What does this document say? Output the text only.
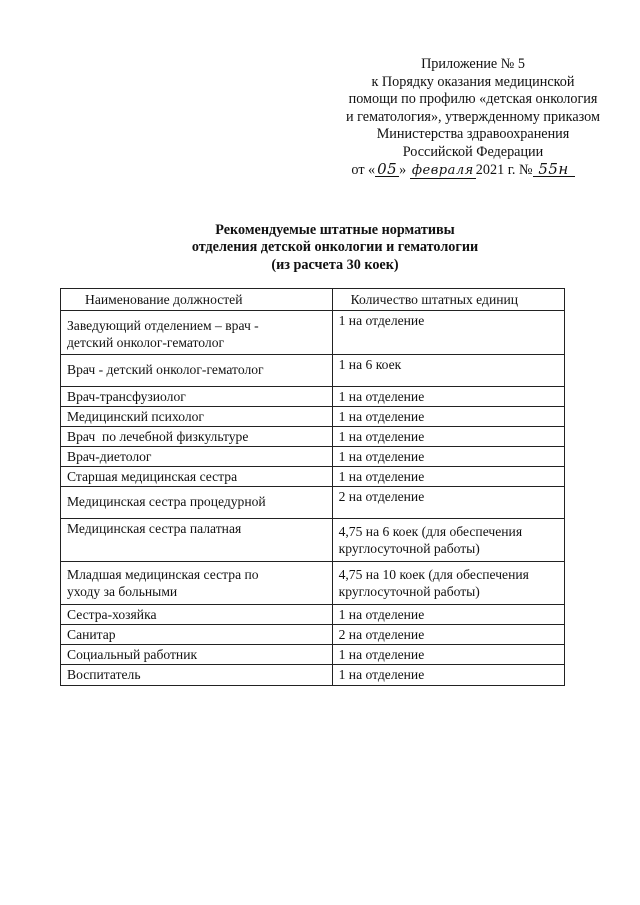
Приложение № 5
к Порядку оказания медицинской
помощи по профилю «детская онкология
и гематология», утвержденному приказом
Министерства здравоохранения
Российской Федерации
от « 05 » февраля 2021 г. № 55н
Рекомендуемые штатные нормативы
отделения детской онкологии и гематологии
(из расчета 30 коек)
Наименование должностей	Количество штатных единиц
Заведующий отделением – врач - детский онколог-гематолог	1 на отделение
Врач - детский онколог-гематолог	1 на 6 коек
Врач-трансфузиолог	1 на отделение
Медицинский психолог	1 на отделение
Врач  по лечебной физкультуре	1 на отделение
Врач-диетолог	1 на отделение
Старшая медицинская сестра	1 на отделение
Медицинская сестра процедурной	2 на отделение
Медицинская сестра палатная	4,75 на 6 коек (для обеспечения круглосуточной работы)
Младшая медицинская сестра по уходу за больными	4,75 на 10 коек (для обеспечения круглосуточной работы)
Сестра-хозяйка	1 на отделение
Санитар	2 на отделение
Социальный работник	1 на отделение
Воспитатель	1 на отделение
